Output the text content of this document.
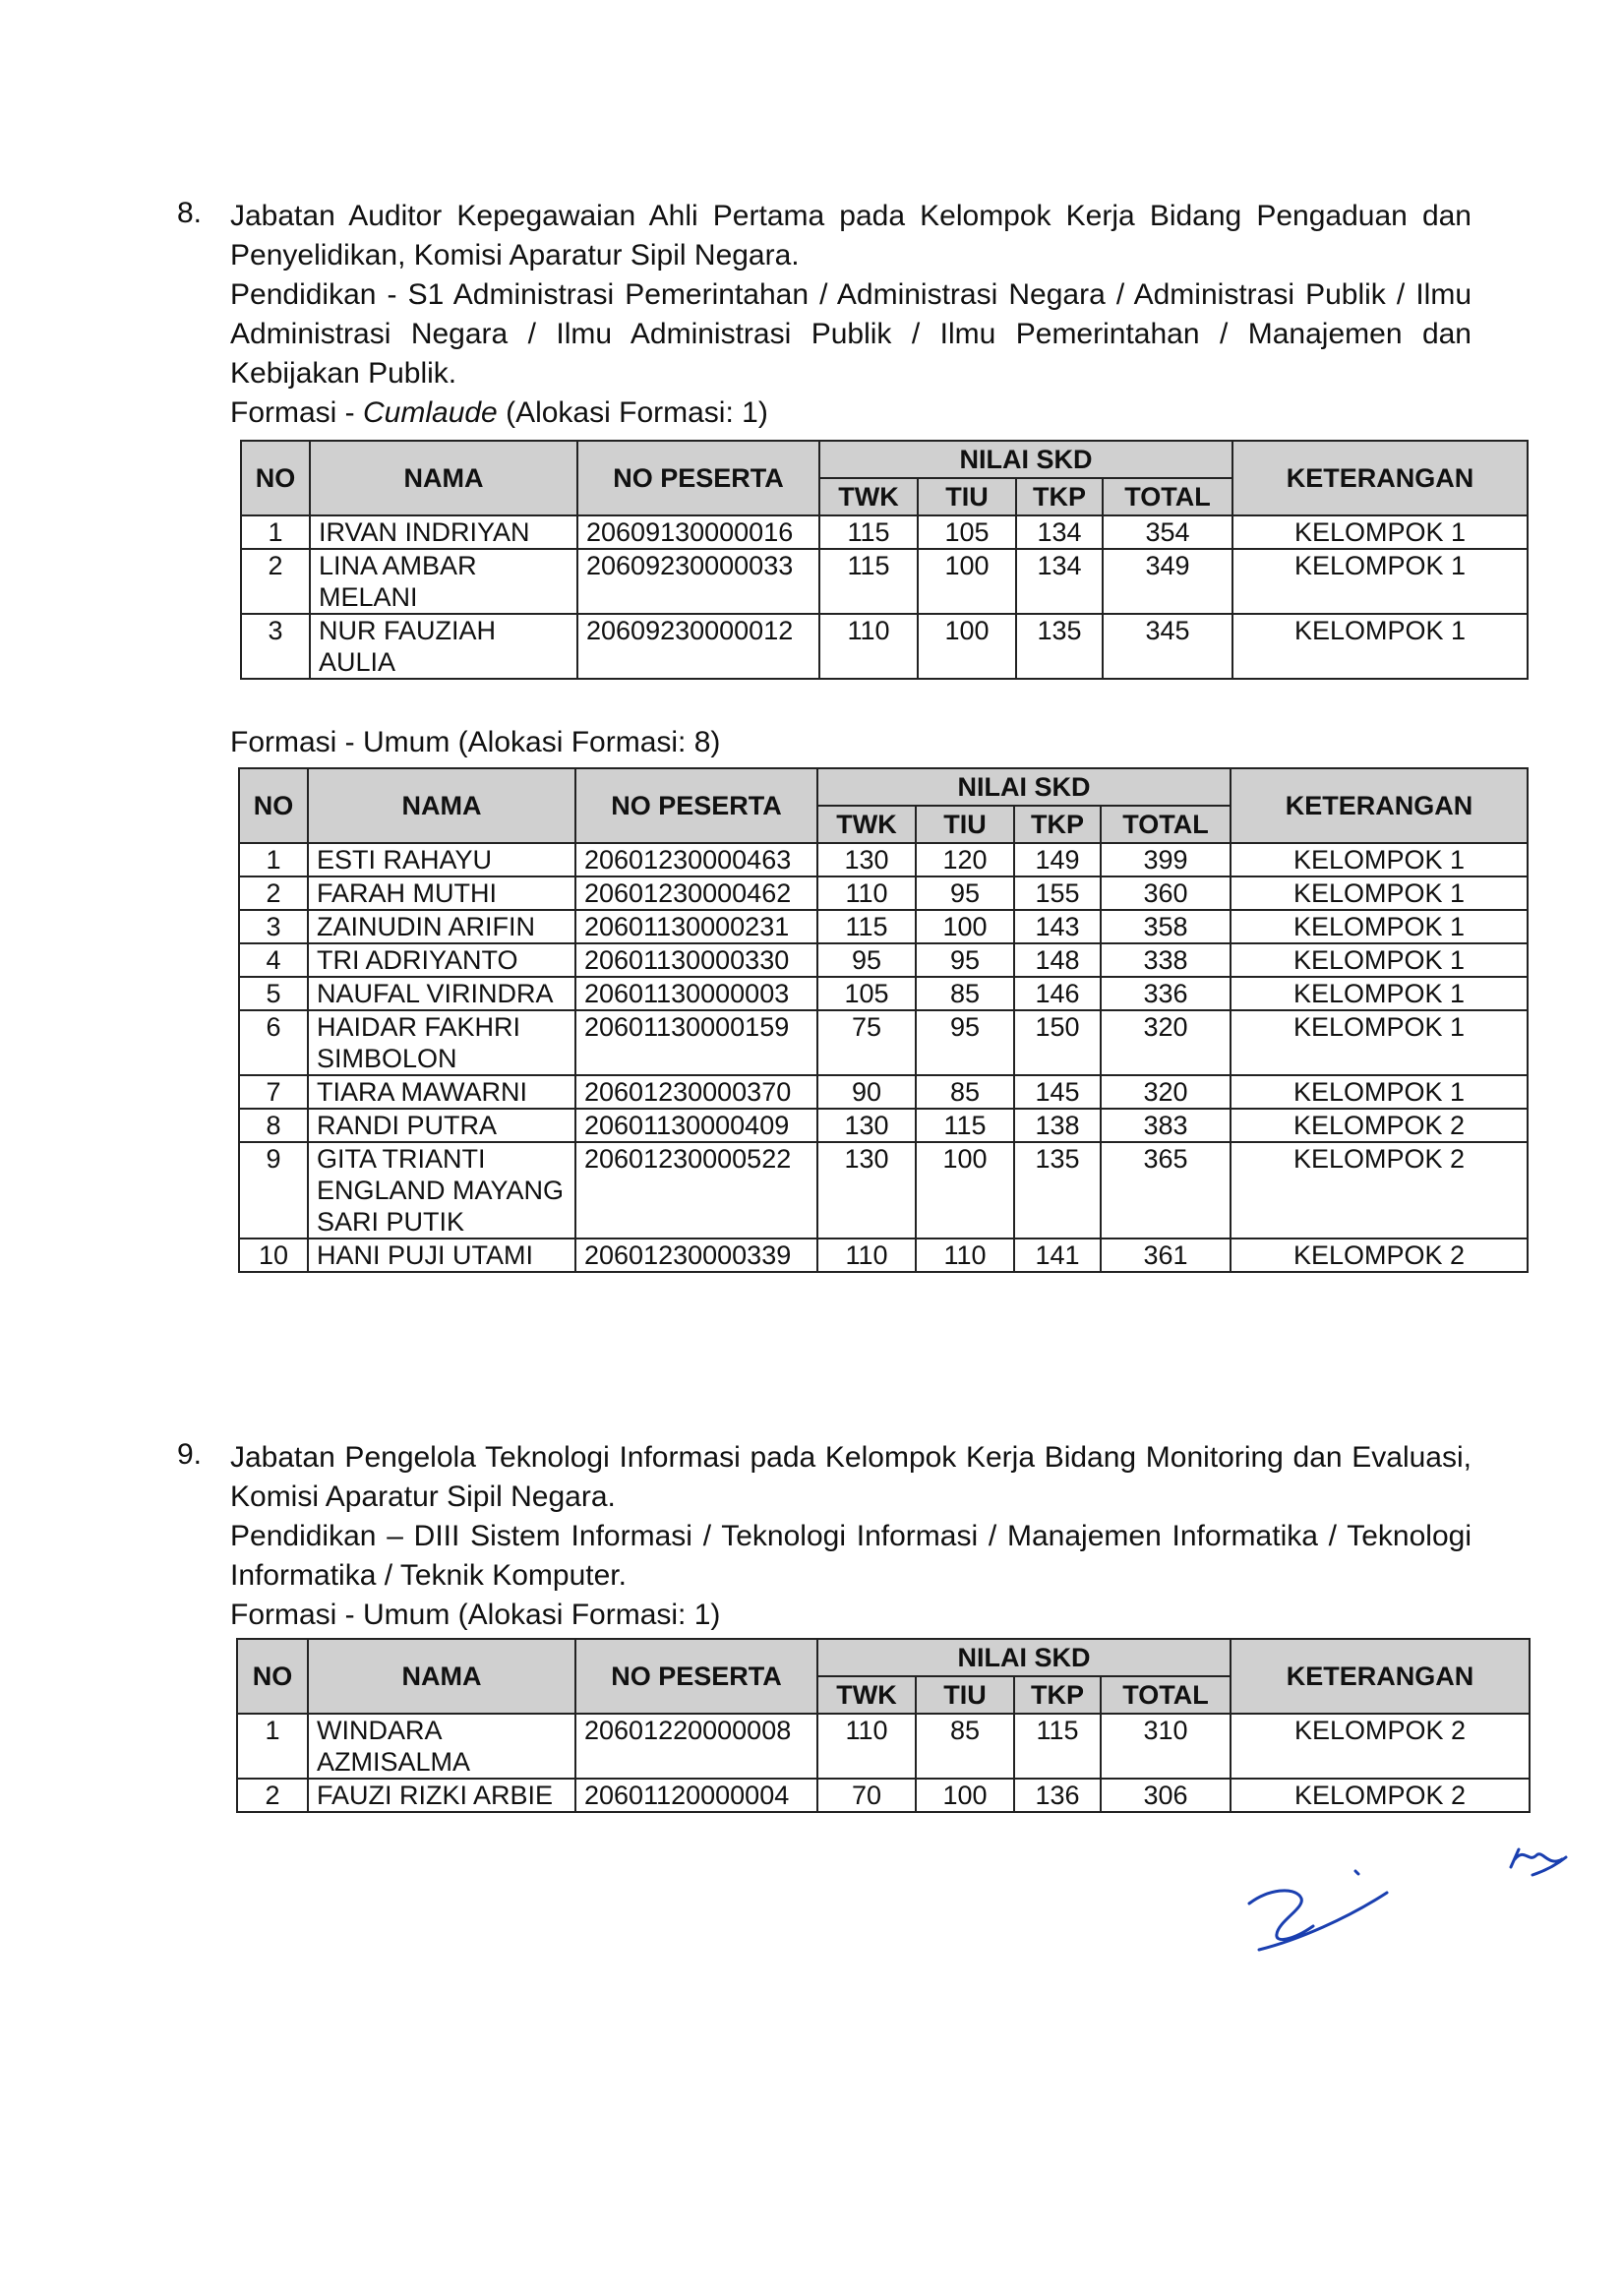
8. Jabatan Auditor Kepegawaian Ahli Pertama pada Kelompok Kerja Bidang Pengaduan dan Penyelidikan, Komisi Aparatur Sipil Negara.

Pendidikan - S1 Administrasi Pemerintahan / Administrasi Negara / Administrasi Publik / Ilmu Administrasi Negara / Ilmu Administrasi Publik / Ilmu Pemerintahan / Manajemen dan Kebijakan Publik.

Formasi - Cumlaude (Alokasi Formasi: 1)
NO	NAMA	NO PESERTA	NILAI SKD				KETERANGAN
			TWK	TIU	TKP	TOTAL	
1	IRVAN INDRIYAN	20609130000016	115	105	134	354	KELOMPOK 1
2	LINA AMBAR MELANI	20609230000033	115	100	134	349	KELOMPOK 1
3	NUR FAUZIAH AULIA	20609230000012	110	100	135	345	KELOMPOK 1
Formasi - Umum (Alokasi Formasi: 8)
NO	NAMA	NO PESERTA	NILAI SKD				KETERANGAN
			TWK	TIU	TKP	TOTAL	
1	ESTI RAHAYU	20601230000463	130	120	149	399	KELOMPOK 1
2	FARAH MUTHI	20601230000462	110	95	155	360	KELOMPOK 1
3	ZAINUDIN ARIFIN	20601130000231	115	100	143	358	KELOMPOK 1
4	TRI ADRIYANTO	20601130000330	95	95	148	338	KELOMPOK 1
5	NAUFAL VIRINDRA	20601130000003	105	85	146	336	KELOMPOK 1
6	HAIDAR FAKHRI SIMBOLON	20601130000159	75	95	150	320	KELOMPOK 1
7	TIARA MAWARNI	20601230000370	90	85	145	320	KELOMPOK 1
8	RANDI PUTRA	20601130000409	130	115	138	383	KELOMPOK 2
9	GITA TRIANTI ENGLAND MAYANG SARI PUTIK	20601230000522	130	100	135	365	KELOMPOK 2
10	HANI PUJI UTAMI	20601230000339	110	110	141	361	KELOMPOK 2
9. Jabatan Pengelola Teknologi Informasi pada Kelompok Kerja Bidang Monitoring dan Evaluasi, Komisi Aparatur Sipil Negara.

Pendidikan – DIII Sistem Informasi / Teknologi Informasi / Manajemen Informatika / Teknologi Informatika / Teknik Komputer.

Formasi - Umum (Alokasi Formasi: 1)
NO	NAMA	NO PESERTA	NILAI SKD				KETERANGAN
			TWK	TIU	TKP	TOTAL	
1	WINDARA AZMISALMA	20601220000008	110	85	115	310	KELOMPOK 2
2	FAUZI RIZKI ARBIE	20601120000004	70	100	136	306	KELOMPOK 2
